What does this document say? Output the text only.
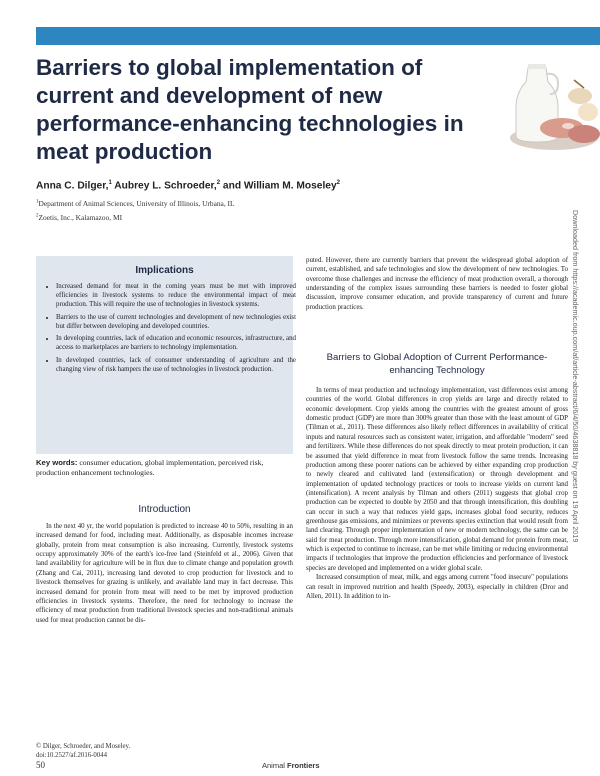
Barriers to global implementation of current and development of new performance-enhancing technologies in meat production
Anna C. Dilger,$^1$ Aubrey L. Schroeder,$^2$ and William M. Moseley$^2$
$^1$Department of Animal Sciences, University of Illinois, Urbana, IL
$^2$Zoetis, Inc., Kalamazoo, MI	Downloaded from https://academic.oup.com/af/article-abstract/6/4/50/4638818 by guest on 19 April 2019
Implications
• Increased demand for meat in the coming years must be met with improved efficiencies in livestock systems to reduce the environmental impact of meat production. This will require the use of technologies in livestock systems.
• Barriers to the use of current technologies and development of new technologies exist but differ between developing and developed countries.
• In developing countries, lack of education and economic resources, infrastructure, and access to marketplaces are barriers to technology implementation.
• In developed countries, lack of consumer understanding of agriculture and the changing view of risk hampers the use of technologies in livestock production.
Key words: consumer education, global implementation, perceived risk, production enhancement technologies.
Introduction

In the next 40 yr, the world population is predicted to increase 40 to 50%, resulting in an increased demand for food, including meat. Additionally, as disposable incomes increase globally, protein from meat consumption is also increasing. Currently, livestock systems occupy approximately 30% of the earth's ice-free land (Steinfeld et al., 2006). Given that land availability for agriculture will be in flux due to climate change and population growth (Zhang and Cai, 2011), increasing land devoted to crop production for livestock and to livestock themselves for grazing is unlikely, and available land may in fact decrease. This increased demand for protein from meat will need to be met by improved production efficiencies in livestock systems. Therefore, the need for technology to increase the efficiency of meat production from traditional livestock species and non-traditional animals used for meat production cannot be dis-

puted. However, there are currently barriers that prevent the widespread global adoption of current, established, and safe technologies and slow the development of new technologies. To overcome those challenges and increase the efficiency of meat production overall, a thorough understanding of the complex issues surrounding these barriers is needed to foster global discussion, improve consumer education, and provide transparency of current and future production practices.

Barriers to Global Adoption of Current Performance-enhancing Technology

In terms of meat production and technology implementation, vast differences exist among countries of the world. Global differences in crop yields are large and directly related to economic development. Crop yields among the countries with the greatest amount of gross domestic product (GDP) are more than 300% greater than those with the least amount of GDP (Tilman et al., 2011). These differences also likely reflect differences in availability of critical inputs and natural resources such as consistent water, irrigation, and affordable "modern" seed and fertilizers. While these differences do not speak directly to meat protein production, it can be assumed that yield difference in meat from livestock follow the same trends. Increasing production among these poorer nations can be achieved by either expanding crop production to newly cleared and cultivated land (extensification) or through development and implementation of updated technology practices or tools to increase yields on current land (intensification). A recent analysis by Tilman and others (2011) suggests that global crop production can be expected to double by 2050 and that through intensification, this doubling can occur in such a way that reduces yield gaps, increases global food security, reduces greenhouse gas emissions, and minimizes or prevents species extinction that would result from land clearing. Through proper implementation of new or modern technology, the same can be said for meat production. Through more intensification, global demand for protein from meat, which is expected to continue to increase, can be met while limiting or reducing environmental impacts if technologies that improve the production efficiencies and performance of livestock species are developed and implemented on a wider global scale.

Increased consumption of meat, milk, and eggs among current "food insecure" populations can result in improved nutrition and health (Speedy, 2003), especially in children (Dror and Allen, 2011). In addition to in-

© Dilger, Schroeder, and Moseley.
doi:10.2527/af.2016-0044
50	Animal Frontiers
